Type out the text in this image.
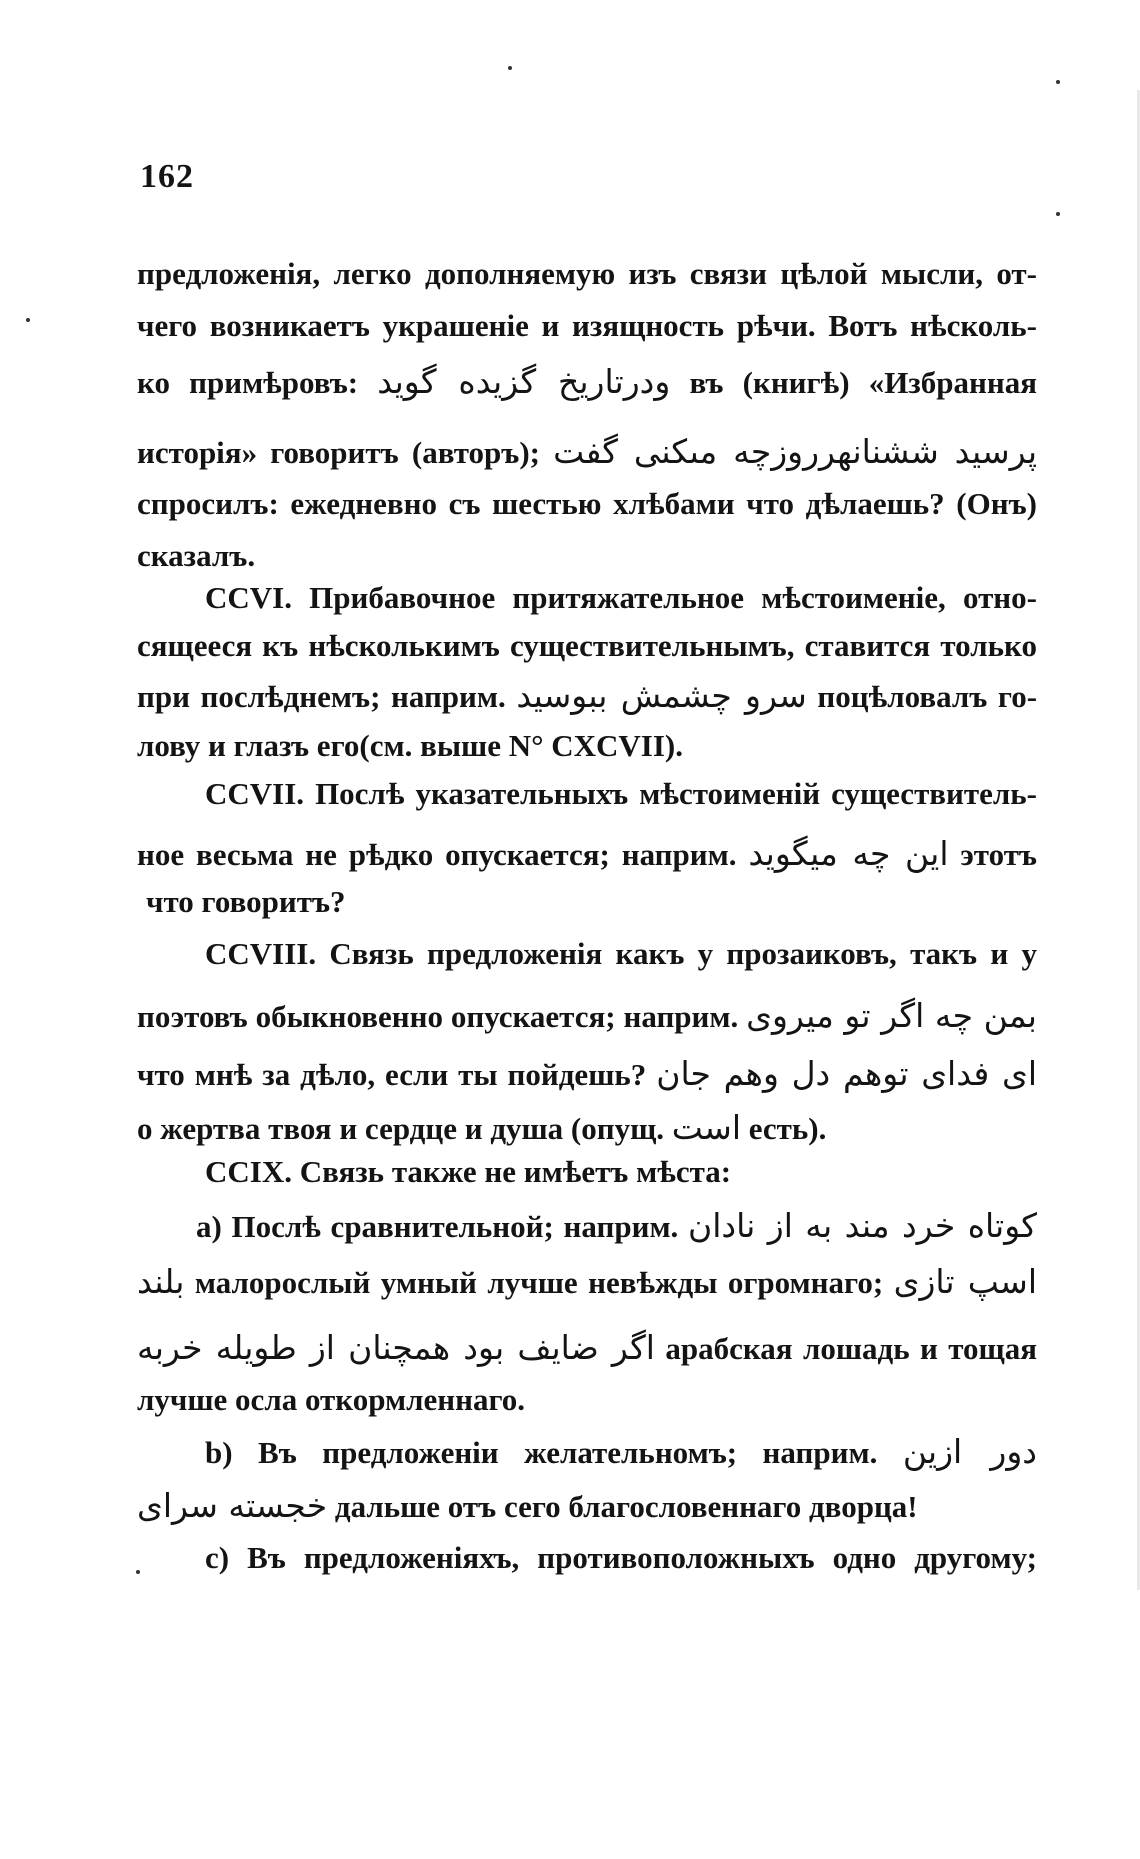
162
предложенія, легко дополняемую изъ связи цѣлой мысли, от-
чего возникаетъ украшеніе и изящность рѣчи. Вотъ нѣсколь-
ко примѣровъ: ودرتاريخ گزيده گويد въ (книгѣ) «Избранная
исторія» говоритъ (авторъ); پرسيد ششنانهرروزچه مىكنى گفت
спросилъ: ежедневно съ шестью хлѣбами что дѣлаешь? (Онъ)
сказалъ.
CCVI. Прибавочное притяжательное мѣстоименіе, отно-
сящееся къ нѣсколькимъ существительнымъ, ставится только
при послѣднемъ; наприм. سرو چشمش ببوسيد поцѣловалъ го-
лову и глазъ его(см. выше N° CXCVII).
CCVII. Послѣ указательныхъ мѣстоименій существитель-
ное весьма не рѣдко опускается; наприм. اين چه ميگويد этотъ
что говоритъ?
CCVIII. Связь предложенія какъ у прозаиковъ, такъ и у
поэтовъ обыкновенно опускается; наприм. بمن چه اگر تو ميروى
что мнѣ за дѣло, если ты пойдешь? اى فداى توهم دل وهم جان
о жертва твоя и сердце и душа (опущ. است есть).
CCIX. Связь также не имѣетъ мѣста:
а) Послѣ сравнительной; наприм. كوتاه خرد مند به از نادان
بلند малорослый умный лучше невѣжды огромнаго; اسپ تازى
اگر ضايف بود همچنان از طويله خربه арабская лошадь и тощая
лучше осла откормленнаго.
b) Въ предложеніи желательномъ; наприм. دور ازين
خجسته سراى дальше отъ сего благословеннаго дворца!
c) Въ предложеніяхъ, противоположныхъ одно другому;
